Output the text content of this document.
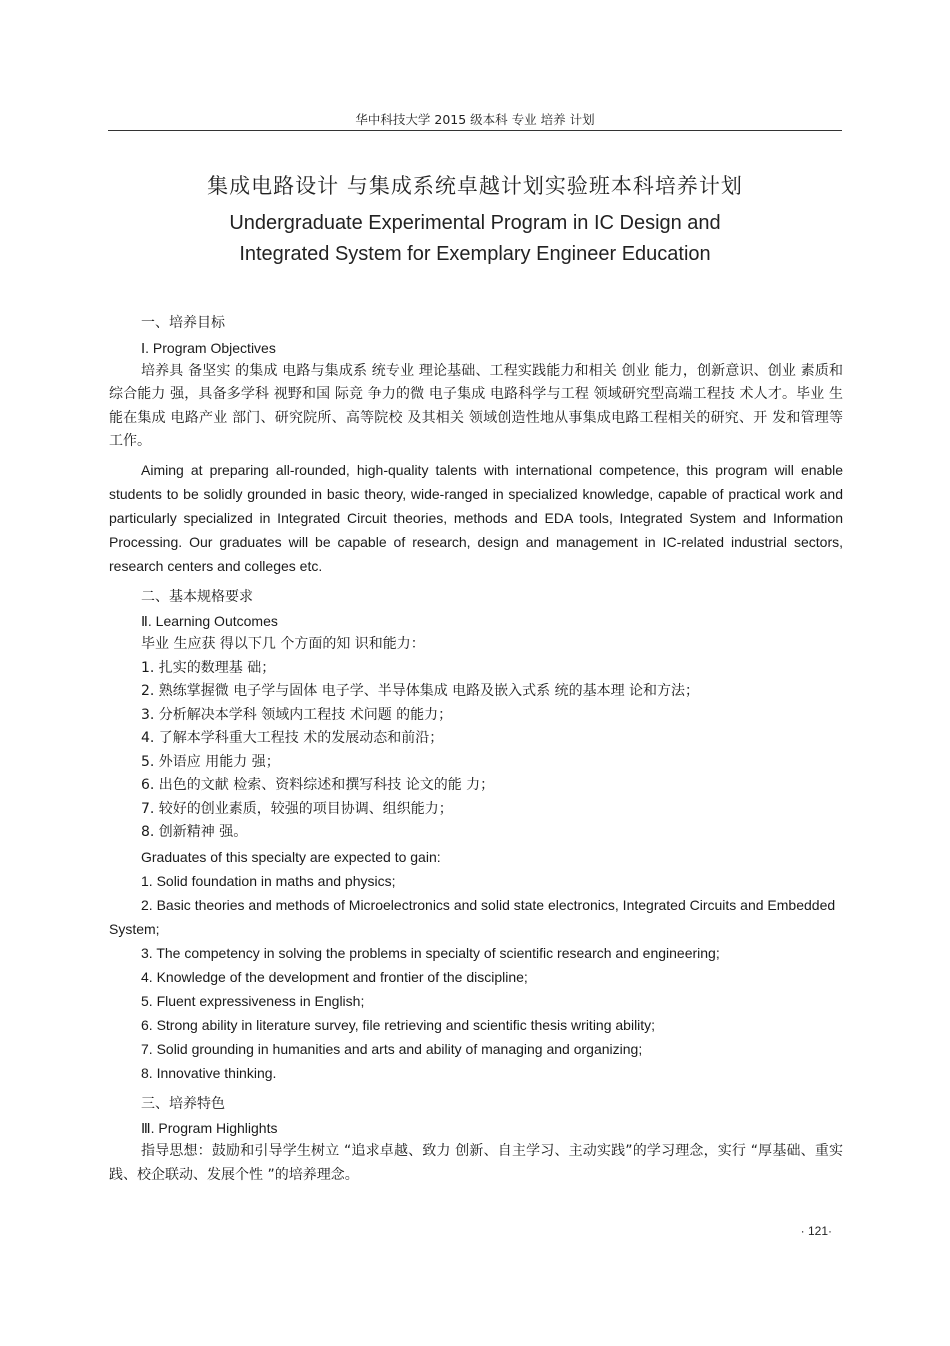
华中科技大学 2015 级本科 专业 培养 计划
集成电路设计 与集成系统卓越计划实验班本科培养计划
Undergraduate Experimental Program in IC Design and
Integrated System for Exemplary Engineer Education

一、培养目标

Ⅰ. Program Objectives

培养具 备坚实 的集成 电路与集成系 统专业 理论基础、工程实践能力和相关 创业 能力，创新意识、创业 素质和综合能力 强，具备多学科 视野和国 际竞 争力的微 电子集成 电路科学与工程 领域研究型高端工程技 术人才。毕业 生能在集成 电路产业 部门、研究院所、高等院校 及其相关 领域创造性地从事集成电路工程相关的研究、开 发和管理等工作。

Aiming at preparing all-rounded, high-quality talents with international competence, this program will enable students to be solidly grounded in basic theory, wide-ranged in specialized knowledge, capable of practical work and particularly specialized in Integrated Circuit theories, methods and EDA tools, Integrated System and Information Processing. Our graduates will be capable of research, design and management in IC-related industrial sectors, research centers and colleges etc.

二、基本规格要求

Ⅱ. Learning Outcomes

毕业 生应获 得以下几 个方面的知 识和能力：

1. 扎实的数理基 础；

2. 熟练掌握微 电子学与固体 电子学、半导体集成 电路及嵌入式系 统的基本理 论和方法；

3. 分析解决本学科 领域内工程技 术问题 的能力；

4. 了解本学科重大工程技 术的发展动态和前沿；

5. 外语应 用能力 强；

6. 出色的文献 检索、资料综述和撰写科技 论文的能 力；

7. 较好的创业素质，较强的项目协调、组织能力；

8. 创新精神 强。

Graduates of this specialty are expected to gain:

1. Solid foundation in maths and physics;

2. Basic theories and methods of Microelectronics and solid state electronics, Integrated Circuits and Embedded System;

3. The competency in solving the problems in specialty of scientific research and engineering;

4. Knowledge of the development and frontier of the discipline;

5. Fluent expressiveness in English;

6. Strong ability in literature survey, file retrieving and scientific thesis writing ability;

7. Solid grounding in humanities and arts and ability of managing and organizing;

8. Innovative thinking.

三、培养特色

Ⅲ. Program Highlights

指导思想：鼓励和引导学生树立 “追求卓越、致力 创新、自主学习、主动实践”的学习理念，实行 “厚基础、重实践、校企联动、发展个性 ”的培养理念。

· 121·
